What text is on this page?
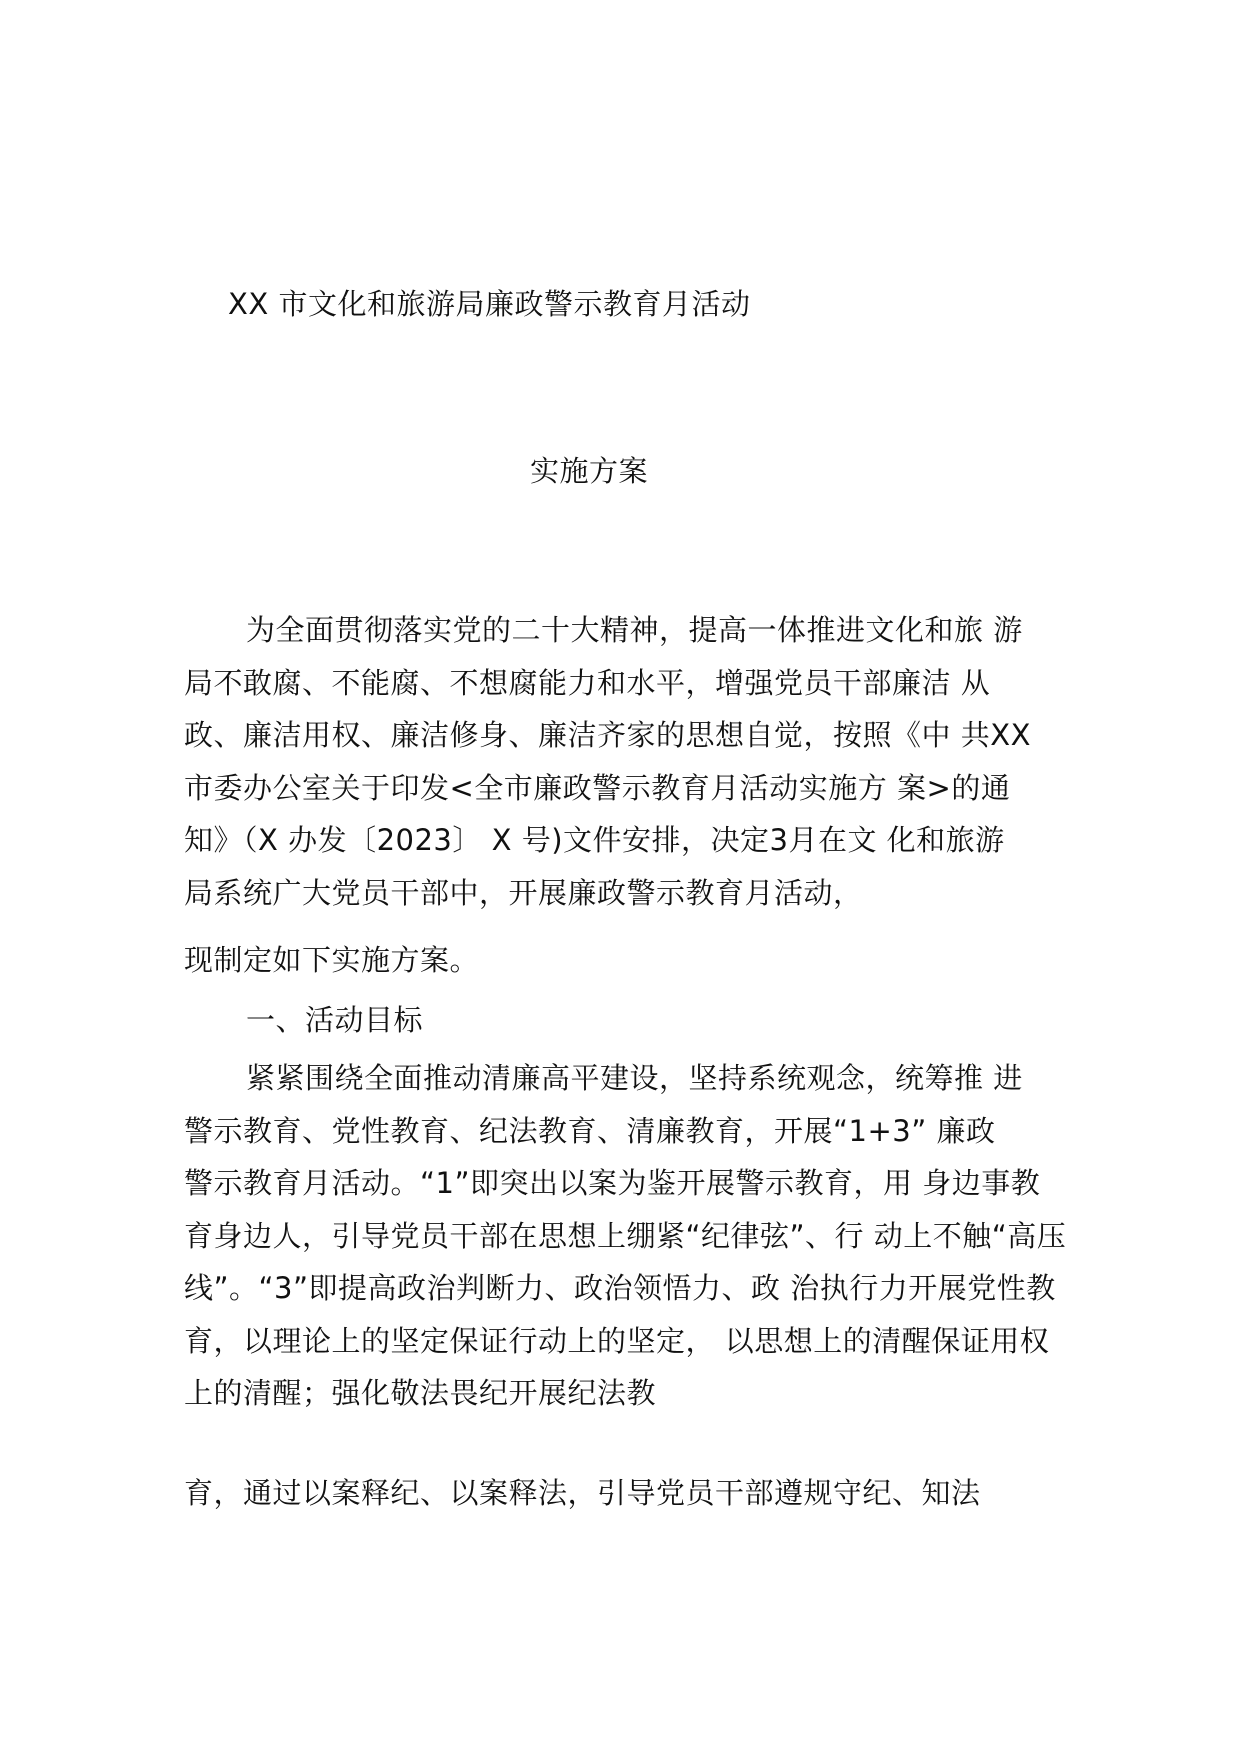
XX 市文化和旅游局廉政警示教育月活动
实施方案
为全面贯彻落实党的二十大精神，提高一体推进文化和旅 游
局不敢腐、不能腐、不想腐能力和水平，增强党员干部廉洁 从
政、廉洁用权、廉洁修身、廉洁齐家的思想自觉，按照《中 共XX
市委办公室关于印发<全市廉政警示教育月活动实施方 案>的通
知》（X 办发〔2023〕 X 号)文件安排，决定3月在文 化和旅游
局系统广大党员干部中，开展廉政警示教育月活动，
现制定如下实施方案。
一、活动目标
紧紧围绕全面推动清廉高平建设，坚持系统观念，统筹推 进
警示教育、党性教育、纪法教育、清廉教育，开展“1+3” 廉政
警示教育月活动。“1”即突出以案为鉴开展警示教育，用 身边事教
育身边人，引导党员干部在思想上绷紧“纪律弦”、行 动上不触“高压
线”。“3”即提高政治判断力、政治领悟力、政 治执行力开展党性教
育，以理论上的坚定保证行动上的坚定， 以思想上的清醒保证用权
上的清醒；强化敬法畏纪开展纪法教
育，通过以案释纪、以案释法，引导党员干部遵规守纪、知法
